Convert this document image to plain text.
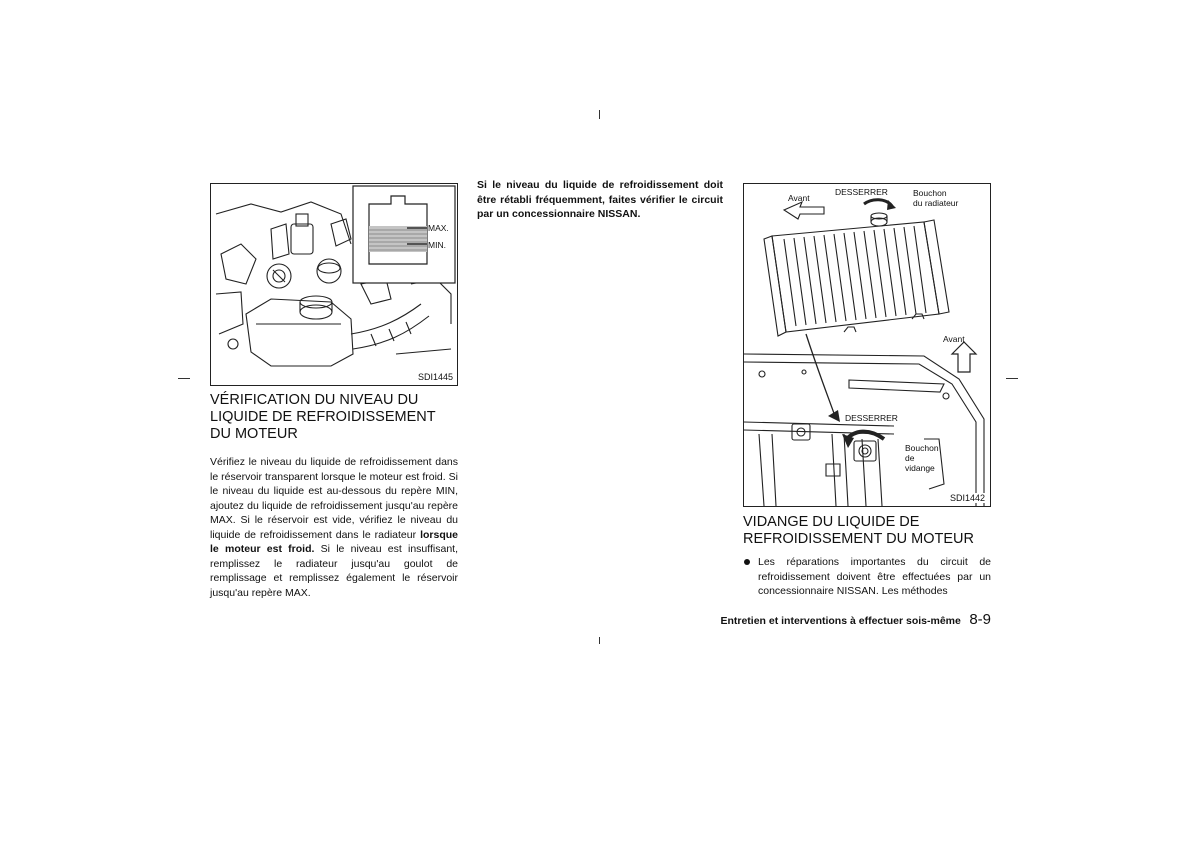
MAX.
MIN.
SDI1445
VÉRIFICATION DU NIVEAU DU
LIQUIDE DE REFROIDISSEMENT
DU MOTEUR

Vérifiez le niveau du liquide de refroidissement dans le réservoir transparent lorsque le moteur est froid. Si le niveau du liquide est au-dessous du repère MIN, ajoutez du liquide de refroidissement jusqu'au repère MAX. Si le réservoir est vide, vérifiez le niveau du liquide de refroidissement dans le radiateur lorsque le moteur est froid. Si le niveau est insuffisant, remplissez le radiateur jusqu'au goulot de remplissage et remplissez également le réservoir jusqu'au repère MAX.

Si le niveau du liquide de refroidissement doit être rétabli fréquemment, faites vérifier le circuit par un concessionnaire NISSAN.
Avant
DESSERRER	Bouchon
du radiateur
Avant
DESSERRER
Bouchon
de
vidange
SDI1442
VIDANGE DU LIQUIDE DE
REFROIDISSEMENT DU MOTEUR
Les réparations importantes du circuit de refroidissement doivent être effectuées par un concessionnaire NISSAN. Les méthodes
Entretien et interventions à effectuer sois-même 8-9
